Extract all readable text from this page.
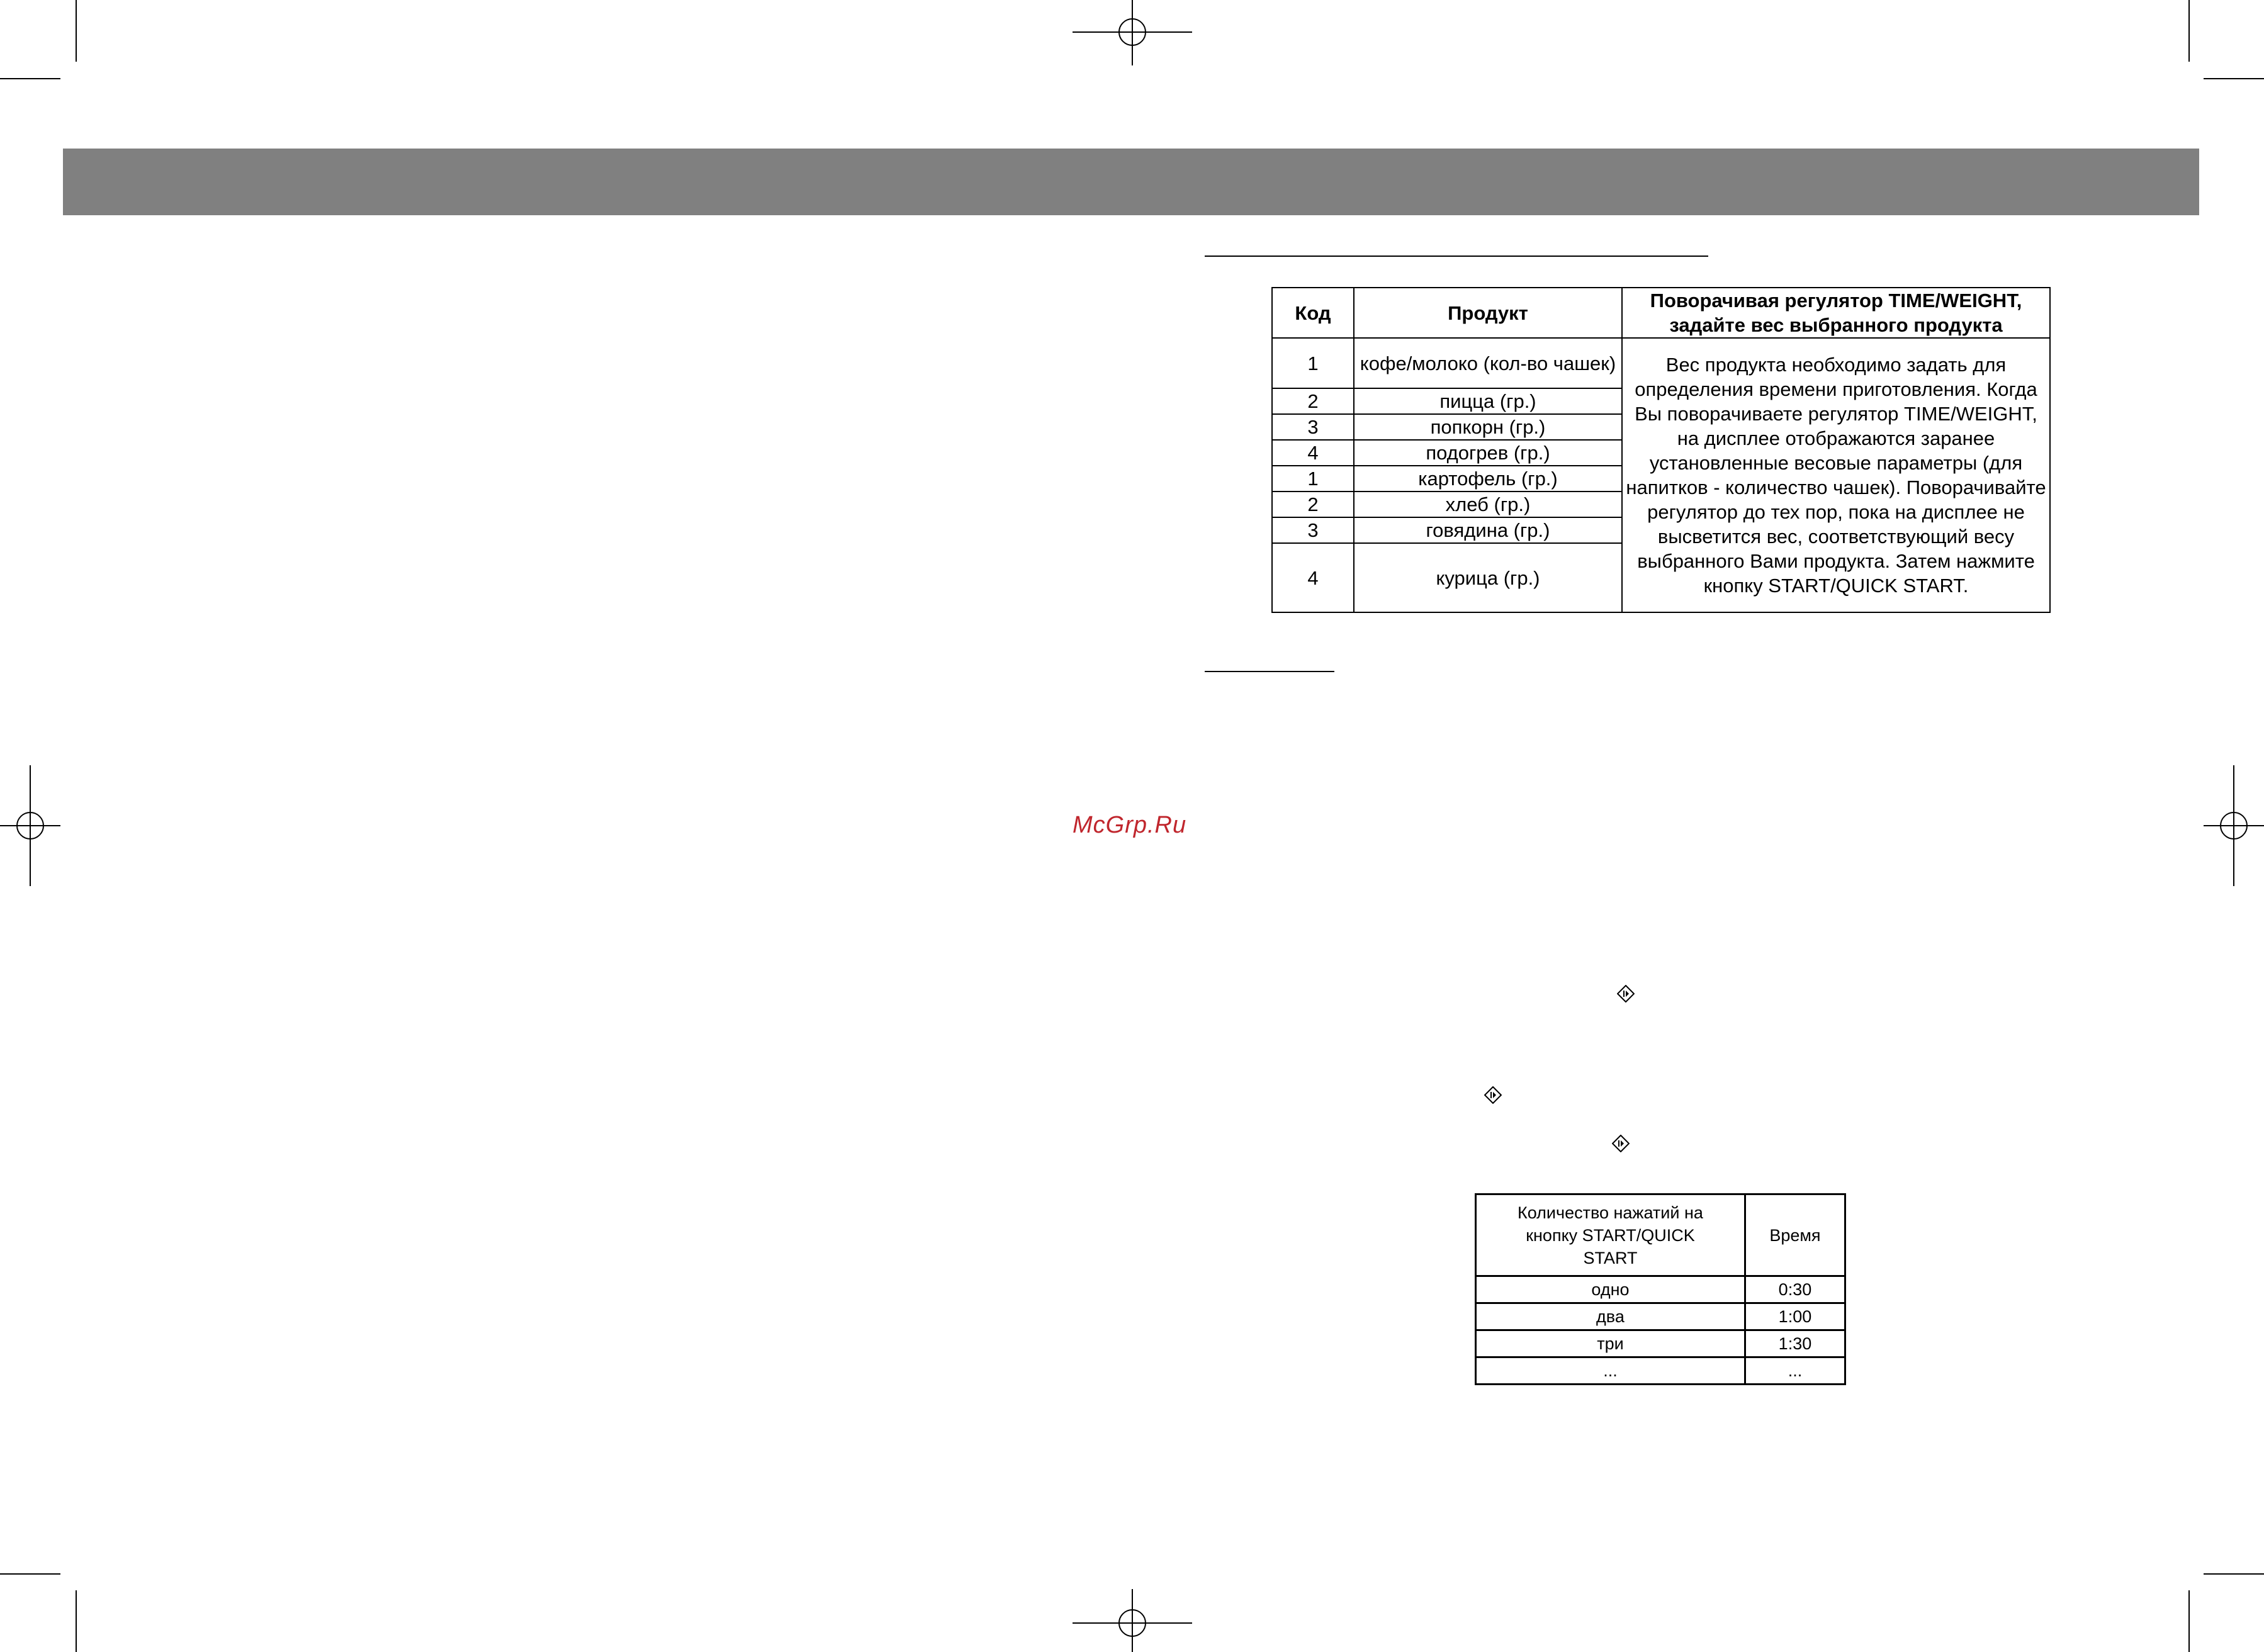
Код	Продукт	Поворачивая регулятор TIME/WEIGHT,
задайте вес выбранного продукта

1	кофе/молоко (кол-во чашек)	Вес продукта необходимо задать для определения времени приготовления. Когда Вы поворачиваете регулятор TIME/WEIGHT, на дисплее отображаются заранее установленные весовые параметры (для напитков - количество чашек). Поворачивайте регулятор до тех пор, пока на дисплее не высветится вес, соответствующий весу выбранного Вами продукта. Затем нажмите кнопку START/QUICK START.
2	пицца (гр.)	
3	попкорн (гр.)	
4	подогрев (гр.)	
1	картофель (гр.)	
2	хлеб (гр.)	
3	говядина (гр.)	
4	курица (гр.)	
McGrp.Ru
Количество нажатий на кнопку START/QUICK START	Время
одно	0:30
два	1:00
три	1:30
...	...
